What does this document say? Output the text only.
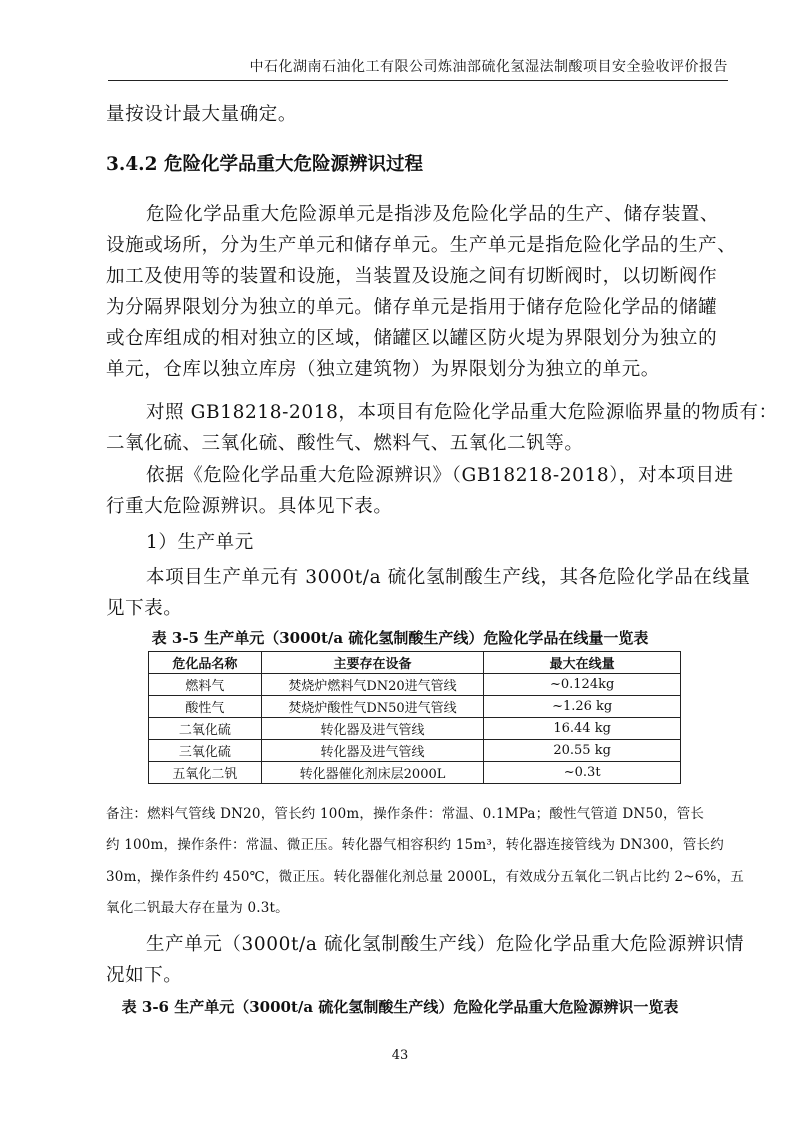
中石化湖南石油化工有限公司炼油部硫化氢湿法制酸项目安全验收评价报告
量按设计最大量确定。
3.4.2 危险化学品重大危险源辨识过程
危险化学品重大危险源单元是指涉及危险化学品的生产、储存装置、
设施或场所，分为生产单元和储存单元。生产单元是指危险化学品的生产、
加工及使用等的装置和设施，当装置及设施之间有切断阀时，以切断阀作
为分隔界限划分为独立的单元。储存单元是指用于储存危险化学品的储罐
或仓库组成的相对独立的区域，储罐区以罐区防火堤为界限划分为独立的
单元，仓库以独立库房（独立建筑物）为界限划分为独立的单元。
对照 GB18218-2018，本项目有危险化学品重大危险源临界量的物质有：
二氧化硫、三氧化硫、酸性气、燃料气、五氧化二钒等。
依据《危险化学品重大危险源辨识》（GB18218-2018），对本项目进
行重大危险源辨识。具体见下表。
1）生产单元
本项目生产单元有 3000t/a 硫化氢制酸生产线，其各危险化学品在线量
见下表。
表 3-5 生产单元（3000t/a 硫化氢制酸生产线）危险化学品在线量一览表
危化品名称	主要存在设备	最大在线量
燃料气	焚烧炉燃料气DN20进气管线	~0.124kg
酸性气	焚烧炉酸性气DN50进气管线	~1.26 kg
二氧化硫	转化器及进气管线	16.44 kg
三氧化硫	转化器及进气管线	20.55 kg
五氧化二钒	转化器催化剂床层2000L	~0.3t
备注：燃料气管线 DN20，管长约 100m，操作条件：常温、0.1MPa；酸性气管道 DN50，管长
约 100m，操作条件：常温、微正压。转化器气相容积约 15m³，转化器连接管线为 DN300，管长约
30m，操作条件约 450℃，微正压。转化器催化剂总量 2000L，有效成分五氧化二钒占比约 2~6%，五
氧化二钒最大存在量为 0.3t。
生产单元（3000t/a 硫化氢制酸生产线）危险化学品重大危险源辨识情
况如下。
表 3-6 生产单元（3000t/a 硫化氢制酸生产线）危险化学品重大危险源辨识一览表
43
